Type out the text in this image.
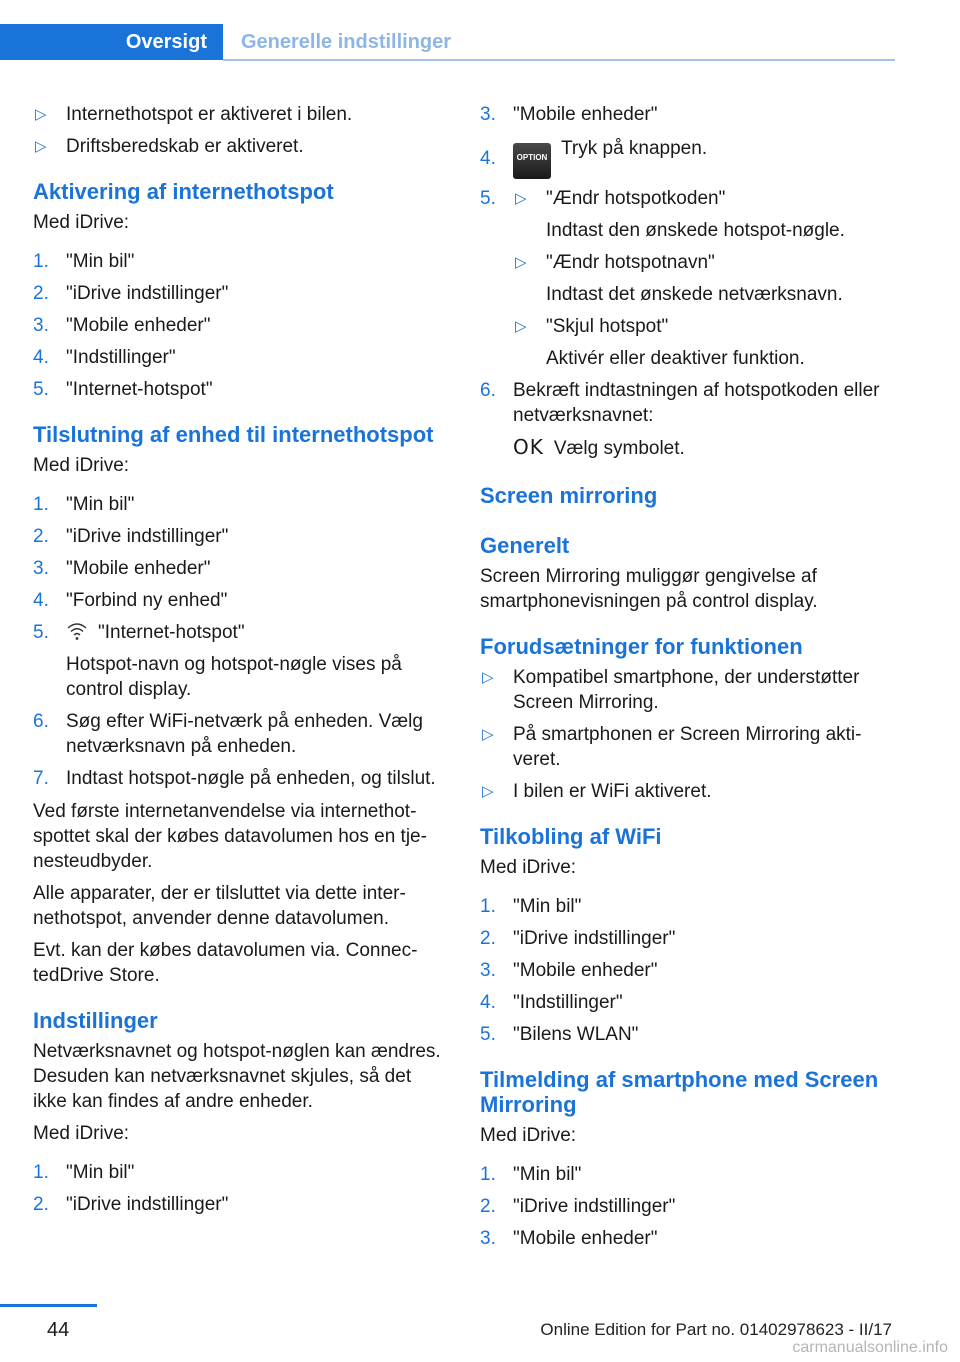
Oversigt	Generelle indstillinger
▷ Internethotspot er aktiveret i bilen.
▷ Driftsberedskab er aktiveret.
Aktivering af internethotspot
Med iDrive:
1. "Min bil"
2. "iDrive indstillinger"
3. "Mobile enheder"
4. "Indstillinger"
5. "Internet-hotspot"
Tilslutning af enhed til internethotspot
Med iDrive:
1. "Min bil"
2. "iDrive indstillinger"
3. "Mobile enheder"
4. "Forbind ny enhed"
5.	"Internet-hotspot"
Hotspot-navn og hotspot-nøgle vises på control display.
6. Søg efter WiFi-netværk på enheden. Vælg netværksnavn på enheden.
7. Indtast hotspot-nøgle på enheden, og tilslut.
Ved første internetanvendelse via internethotspottet skal der købes datavolumen hos en tjenesteudbyder.
Alle apparater, der er tilsluttet via dette internethotspot, anvender denne datavolumen.
Evt. kan der købes datavolumen via. ConnectedDrive Store.
Indstillinger
Netværksnavnet og hotspot-nøglen kan ændres. Desuden kan netværksnavnet skjules, så det ikke kan findes af andre enheder.
Med iDrive:
1. "Min bil"
2. "iDrive indstillinger"
3. "Mobile enheder"
4.	OPTION Tryk på knappen.
5. ▷ "Ændr hotspotkoden"
Indtast den ønskede hotspot-nøgle.
▷ "Ændr hotspotnavn"
Indtast det ønskede netværksnavn.
▷ "Skjul hotspot"
Aktivér eller deaktiver funktion.
6. Bekræft indtastningen af hotspotkoden eller netværksnavnet:
OK Vælg symbolet.
Screen mirroring
Generelt
Screen Mirroring muliggør gengivelse af smartphonevisningen på control display.
Forudsætninger for funktionen
▷ Kompatibel smartphone, der understøtter Screen Mirroring.
▷ På smartphonen er Screen Mirroring aktiveret.
▷ I bilen er WiFi aktiveret.
Tilkobling af WiFi
Med iDrive:
1. "Min bil"
2. "iDrive indstillinger"
3. "Mobile enheder"
4. "Indstillinger"
5. "Bilens WLAN"
Tilmelding af smartphone med Screen Mirroring
Med iDrive:
1. "Min bil"
2. "iDrive indstillinger"
3. "Mobile enheder"
44	Online Edition for Part no. 01402978623 - II/17
carmanualsonline.info
